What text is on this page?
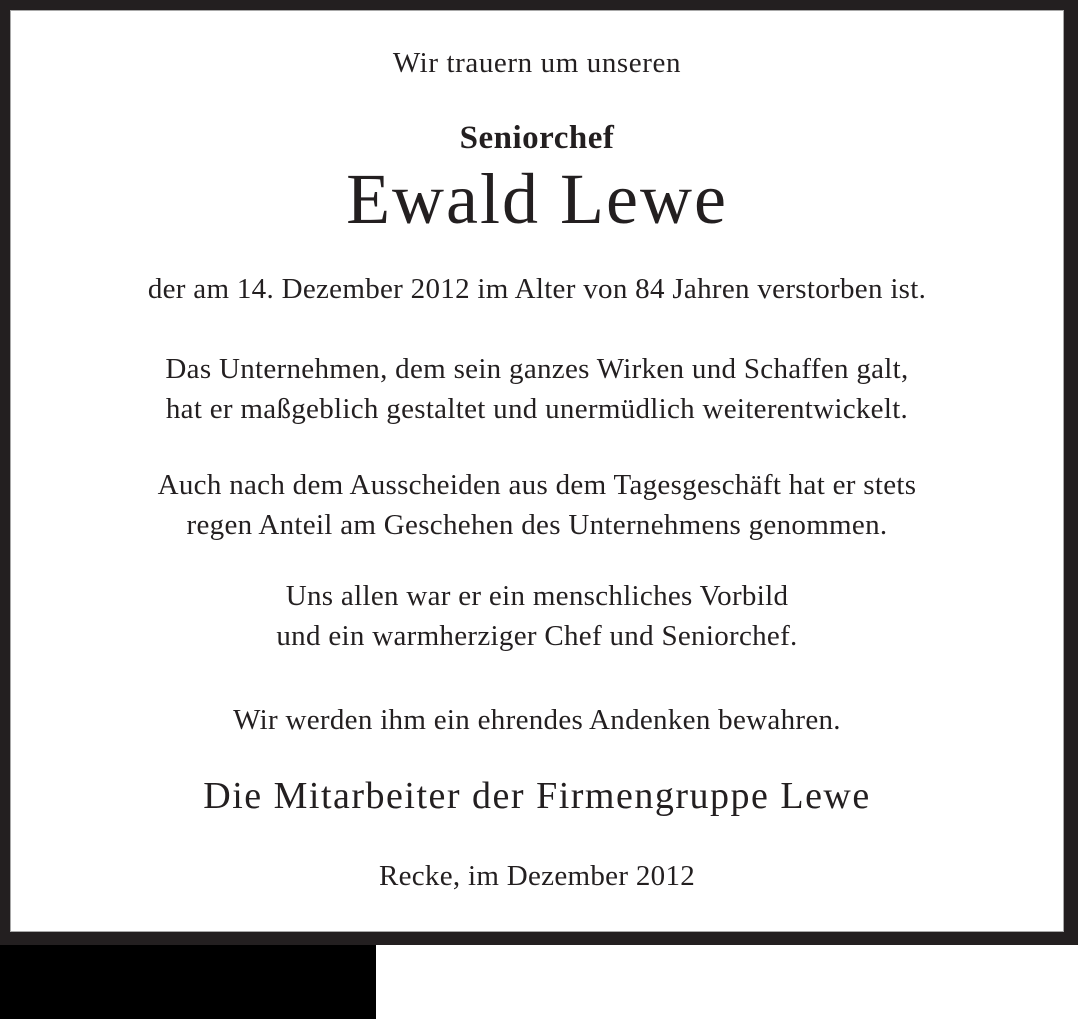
Wir trauern um unseren
Seniorchef
Ewald Lewe
der am 14. Dezember 2012 im Alter von 84 Jahren verstorben ist.
Das Unternehmen, dem sein ganzes Wirken und Schaffen galt,
hat er maßgeblich gestaltet und unermüdlich weiterentwickelt.
Auch nach dem Ausscheiden aus dem Tagesgeschäft hat er stets
regen Anteil am Geschehen des Unternehmens genommen.
Uns allen war er ein menschliches Vorbild
und ein warmherziger Chef und Seniorchef.
Wir werden ihm ein ehrendes Andenken bewahren.
Die Mitarbeiter der Firmengruppe Lewe
Recke, im Dezember 2012
